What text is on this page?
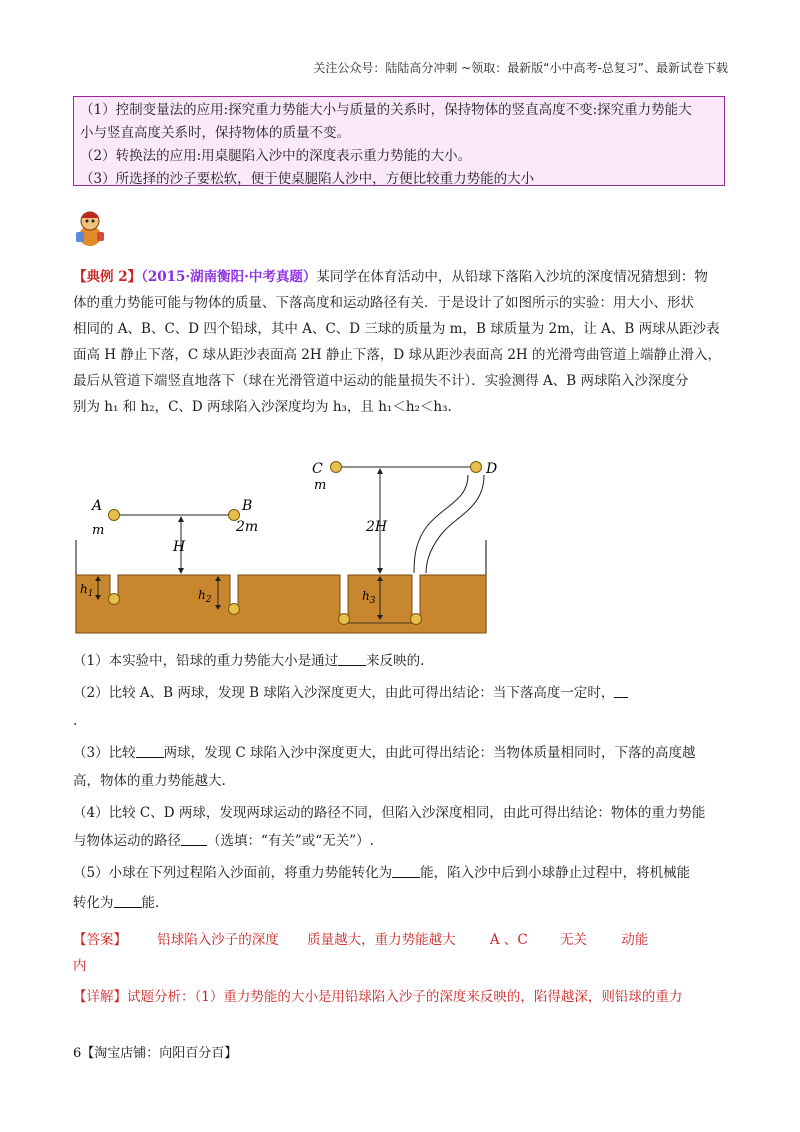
关注公众号：陆陆高分冲刺 ~领取：最新版“小中高考-总复习”、最新试卷下载
（1）控制变量法的应用:探究重力势能大小与质量的关系时，保持物体的竖直高度不变:探究重力势能大
小与竖直高度关系时，保持物体的质量不变。
（2）转换法的应用:用桌腿陷入沙中的深度表示重力势能的大小。
（3）所选择的沙子要松软，便于使桌腿陷人沙中，方便比较重力势能的大小
【典例 2】（2015·湖南衡阳·中考真题）某同学在体育活动中，从铅球下落陷入沙坑的深度情况猜想到：物
体的重力势能可能与物体的质量、下落高度和运动路径有关．于是设计了如图所示的实验：用大小、形状
相同的 A、B、C、D 四个铅球，其中 A、C、D 三球的质量为 m，B 球质量为 2m，让 A、B 两球从距沙表
面高 H 静止下落，C 球从距沙表面高 2H 静止下落，D 球从距沙表面高 2H 的光滑弯曲管道上端静止滑入，
最后从管道下端竖直地落下（球在光滑管道中运动的能量损失不计）．实验测得 A、B 两球陷入沙深度分
别为 h₁ 和 h₂，C、D 两球陷入沙深度均为 h₃，且 h₁＜h₂＜h₃.
A
m
B
2m
H
$h_1$	$h_2$
C
m
D
2H
$h_3$
（1）本实验中，铅球的重力势能大小是通过 来反映的.
（2）比较 A、B 两球，发现 B 球陷入沙深度更大，由此可得出结论：当下落高度一定时，
.
（3）比较 两球，发现 C 球陷入沙中深度更大，由此可得出结论：当物体质量相同时，下落的高度越
高，物体的重力势能越大.
（4）比较 C、D 两球，发现两球运动的路径不同，但陷入沙深度相同，由此可得出结论：物体的重力势能
与物体运动的路径 （选填：“有关”或“无关”）.
（5）小球在下列过程陷入沙面前，将重力势能转化为 能，陷入沙中后到小球静止过程中，将机械能
转化为 能.
【答案】 铅球陷入沙子的深度 质量越大，重力势能越大	A 、C 无关	动能
内
【详解】试题分析：（1）重力势能的大小是用铅球陷入沙子的深度来反映的，陷得越深，则铅球的重力
6【淘宝店铺：向阳百分百】
